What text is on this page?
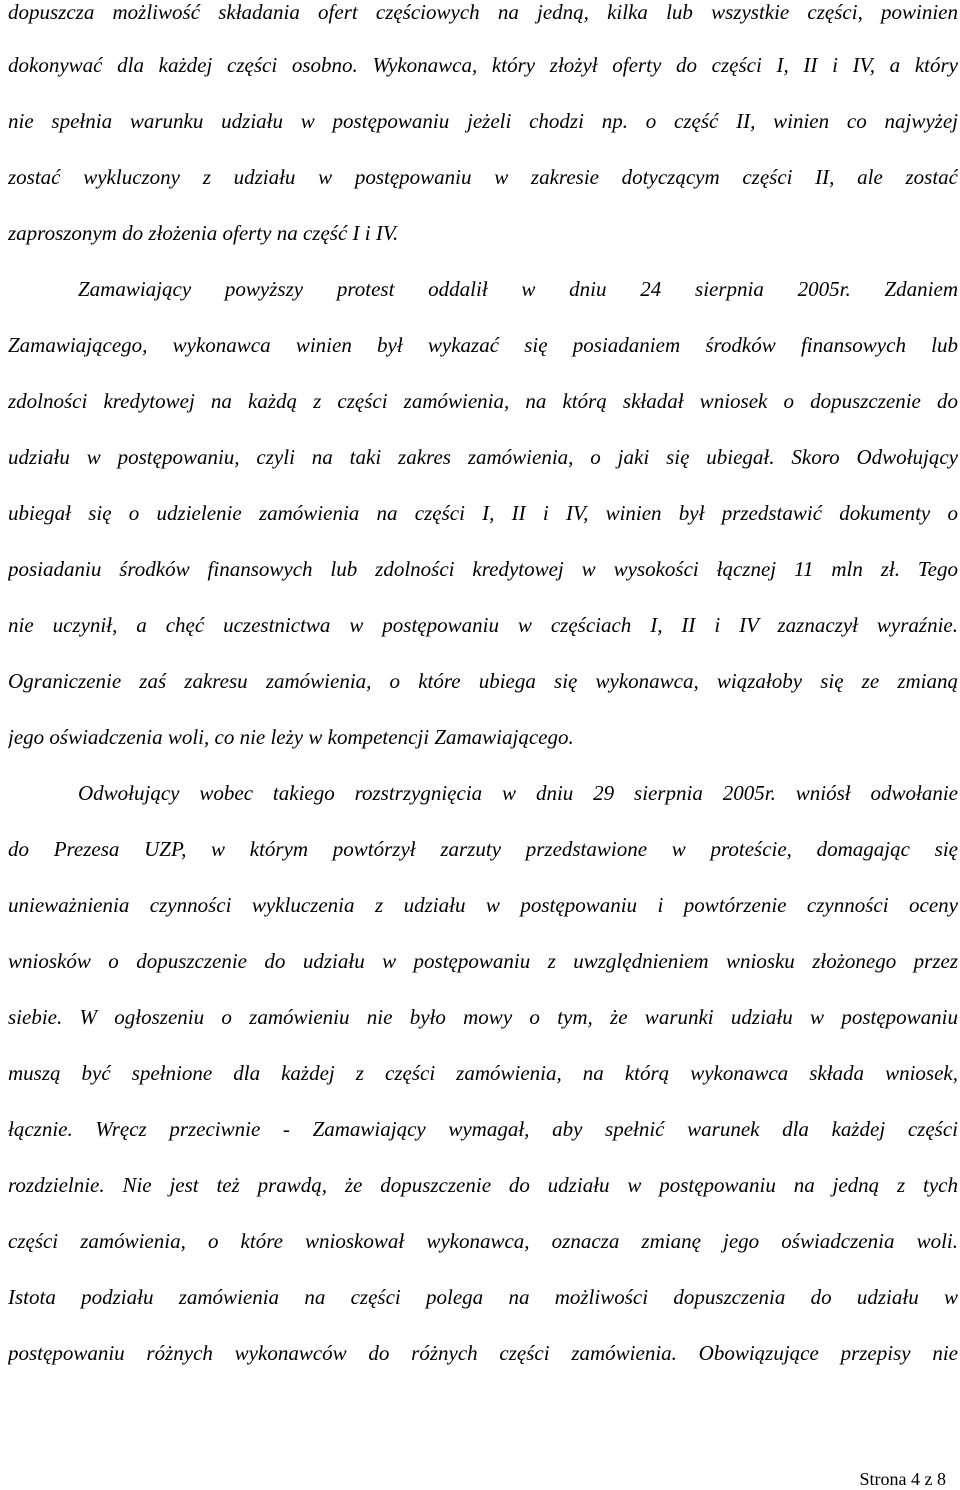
dopuszcza możliwość składania ofert częściowych na jedną, kilka lub wszystkie części, powinien
dokonywać dla każdej części osobno. Wykonawca, który złożył oferty do części I, II i IV, a który
nie spełnia warunku udziału w postępowaniu jeżeli chodzi np. o część II, winien co najwyżej
zostać wykluczony z udziału w postępowaniu w zakresie dotyczącym części II, ale zostać
zaproszonym do złożenia oferty na część I i IV.
Zamawiający powyższy protest oddalił w dniu 24 sierpnia 2005r. Zdaniem
Zamawiającego, wykonawca winien był wykazać się posiadaniem środków finansowych lub
zdolności kredytowej na każdą z części zamówienia, na którą składał wniosek o dopuszczenie do
udziału w postępowaniu, czyli na taki zakres zamówienia, o jaki się ubiegał. Skoro Odwołujący
ubiegał się o udzielenie zamówienia na części I, II i IV, winien był przedstawić dokumenty o
posiadaniu środków finansowych lub zdolności kredytowej w wysokości łącznej 11 mln zł. Tego
nie uczynił, a chęć uczestnictwa w postępowaniu w częściach I, II i IV zaznaczył wyraźnie.
Ograniczenie zaś zakresu zamówienia, o które ubiega się wykonawca, wiązałoby się ze zmianą
jego oświadczenia woli, co nie leży w kompetencji Zamawiającego.
Odwołujący wobec takiego rozstrzygnięcia w dniu 29 sierpnia 2005r. wniósł odwołanie
do Prezesa UZP, w którym powtórzył zarzuty przedstawione w proteście, domagając się
unieważnienia czynności wykluczenia z udziału w postępowaniu i powtórzenie czynności oceny
wniosków o dopuszczenie do udziału w postępowaniu z uwzględnieniem wniosku złożonego przez
siebie. W ogłoszeniu o zamówieniu nie było mowy o tym, że warunki udziału w postępowaniu
muszą być spełnione dla każdej z części zamówienia, na którą wykonawca składa wniosek,
łącznie. Wręcz przeciwnie - Zamawiający wymagał, aby spełnić warunek dla każdej części
rozdzielnie. Nie jest też prawdą, że dopuszczenie do udziału w postępowaniu na jedną z tych
części zamówienia, o które wnioskował wykonawca, oznacza zmianę jego oświadczenia woli.
Istota podziału zamówienia na części polega na możliwości dopuszczenia do udziału w
postępowaniu różnych wykonawców do różnych części zamówienia. Obowiązujące przepisy nie
Strona 4 z 8
